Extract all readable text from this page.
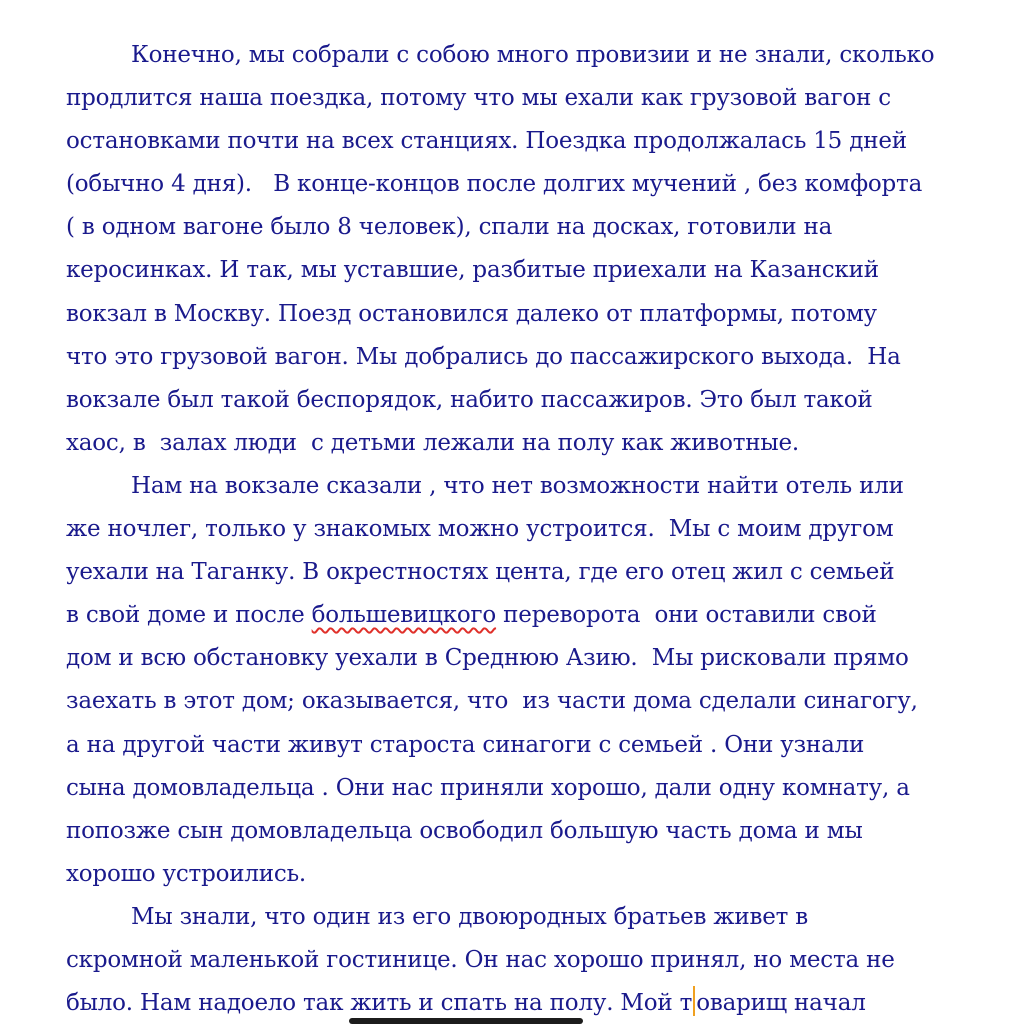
Конечно, мы собрали с собою много провизии и не знали, сколько
продлится наша поездка, потому что мы ехали как грузовой вагон с
остановками почти на всех станциях. Поездка продолжалась 15 дней
(обычно 4 дня).   В конце-концов после долгих мучений , без комфорта
( в одном вагоне было 8 человек), спали на досках, готовили на
керосинках. И так, мы уставшие, разбитые приехали на Казанский
вокзал в Москву. Поезд остановился далеко от платформы, потому
что это грузовой вагон. Мы добрались до пассажирского выхода.  На
вокзале был такой беспорядок, набито пассажиров. Это был такой
хаос, в  залах люди  с детьми лежали на полу как животные.
Нам на вокзале сказали , что нет возможности найти отель или
же ночлег, только у знакомых можно устроится.  Мы с моим другом
уехали на Таганку. В окрестностях цента, где его отец жил с семьей
в свой доме и после большевицкого переворота  они оставили свой
дом и всю обстановку уехали в Среднюю Азию.  Мы рисковали прямо
заехать в этот дом; оказывается, что  из части дома сделали синагогу,
а на другой части живут староста синагоги с семьей . Они узнали
сына домовладельца . Они нас приняли хорошо, дали одну комнату, а
попозже сын домовладельца освободил большую часть дома и мы
хорошо устроились.
Мы знали, что один из его двоюродных братьев живет в
скромной маленькой гостинице. Он нас хорошо принял, но места не
было. Нам надоело так жить и спать на полу. Мой т оварищ начал
